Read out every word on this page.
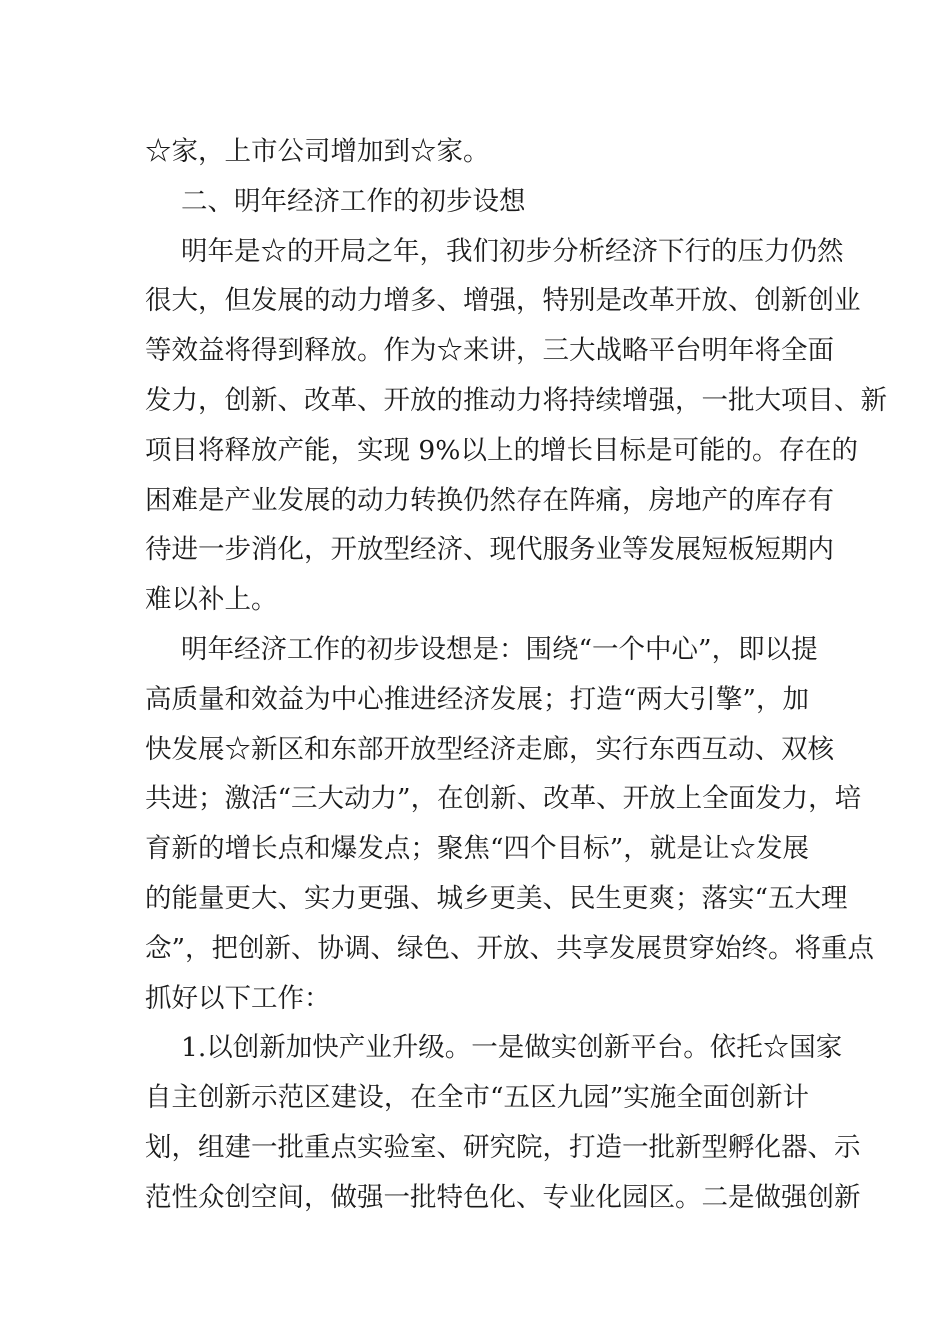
☆家，上市公司增加到☆家。
二、明年经济工作的初步设想
明年是☆的开局之年，我们初步分析经济下行的压力仍然
很大，但发展的动力增多、增强，特别是改革开放、创新创业
等效益将得到释放。作为☆来讲，三大战略平台明年将全面
发力，创新、改革、开放的推动力将持续增强，一批大项目、新
项目将释放产能，实现 9%以上的增长目标是可能的。存在的
困难是产业发展的动力转换仍然存在阵痛，房地产的库存有
待进一步消化，开放型经济、现代服务业等发展短板短期内
难以补上。
明年经济工作的初步设想是：围绕“一个中心”，即以提
高质量和效益为中心推进经济发展；打造“两大引擎”，加
快发展☆新区和东部开放型经济走廊，实行东西互动、双核
共进；激活“三大动力”，在创新、改革、开放上全面发力，培
育新的增长点和爆发点；聚焦“四个目标”，就是让☆发展
的能量更大、实力更强、城乡更美、民生更爽；落实“五大理
念”，把创新、协调、绿色、开放、共享发展贯穿始终。将重点
抓好以下工作：
1.以创新加快产业升级。一是做实创新平台。依托☆国家
自主创新示范区建设，在全市“五区九园”实施全面创新计
划，组建一批重点实验室、研究院，打造一批新型孵化器、示
范性众创空间，做强一批特色化、专业化园区。二是做强创新
